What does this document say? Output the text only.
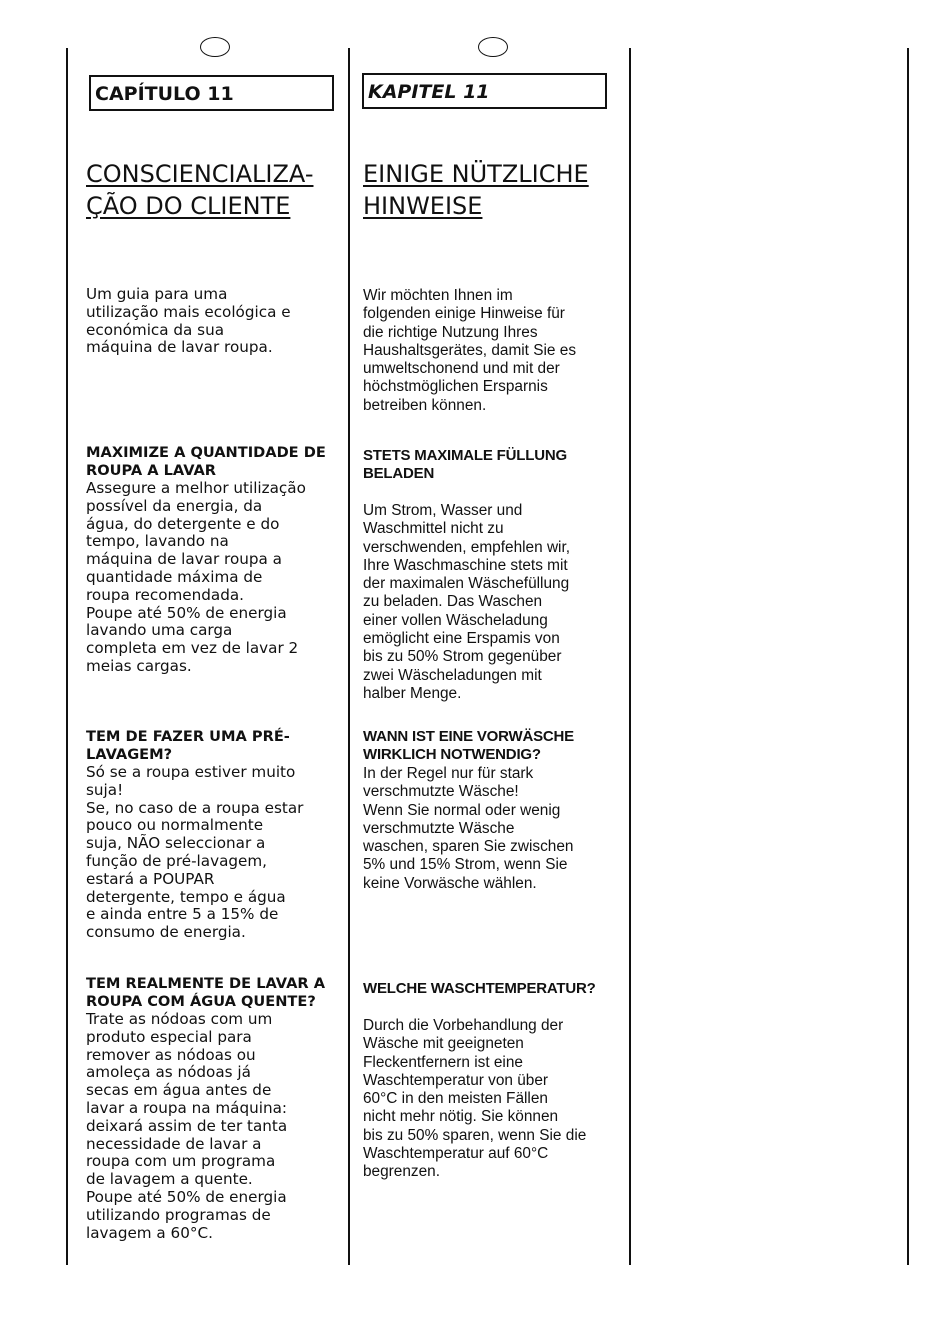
CAPÍTULO 11
CONSCIENCIALIZA-
ÇÃO DO CLIENTE

Um guia para uma
utilização mais ecológica e
económica da sua
máquina de lavar roupa.

MAXIMIZE A QUANTIDADE DE
ROUPA A LAVAR

Assegure a melhor utilização
possível da energia, da
água, do detergente e do
tempo, lavando na
máquina de lavar roupa a
quantidade máxima de
roupa recomendada.
Poupe até 50% de energia
lavando uma carga
completa em vez de lavar 2
meias cargas.

TEM DE FAZER UMA PRÉ-
LAVAGEM?

Só se a roupa estiver muito
suja!
Se, no caso de a roupa estar
pouco ou normalmente
suja, NÃO seleccionar a
função de pré-lavagem,
estará a POUPAR
detergente, tempo e água
e ainda entre 5 a 15% de
consumo de energia.

TEM REALMENTE DE LAVAR A
ROUPA COM ÁGUA QUENTE?

Trate as nódoas com um
produto especial para
remover as nódoas ou
amoleça as nódoas já
secas em água antes de
lavar a roupa na máquina:
deixará assim de ter tanta
necessidade de lavar a
roupa com um programa
de lavagem a quente.
Poupe até 50% de energia
utilizando programas de
lavagem a 60°C.

KAPITEL 11
EINIGE NÜTZLICHE
HINWEISE

Wir möchten Ihnen im
folgenden einige Hinweise für
die richtige Nutzung Ihres
Haushaltsgerätes, damit Sie es
umweltschonend und mit der
höchstmöglichen Ersparnis
betreiben können.

STETS MAXIMALE FÜLLUNG
BELADEN

Um Strom, Wasser und
Waschmittel nicht zu
verschwenden, empfehlen wir,
Ihre Waschmaschine stets mit
der maximalen Wäschefüllung
zu beladen. Das Waschen
einer vollen Wäscheladung
emöglicht eine Erspamis von
bis zu 50% Strom gegenüber
zwei Wäscheladungen mit
halber Menge.

WANN IST EINE VORWÄSCHE
WIRKLICH NOTWENDIG?

In der Regel nur für stark
verschmutzte Wäsche!
Wenn Sie normal oder wenig
verschmutzte Wäsche
waschen, sparen Sie zwischen
5% und 15% Strom, wenn Sie
keine Vorwäsche wählen.

WELCHE WASCHTEMPERATUR?

Durch die Vorbehandlung der
Wäsche mit geeigneten
Fleckentfernern ist eine
Waschtemperatur von über
60°C in den meisten Fällen
nicht mehr nötig. Sie können
bis zu 50% sparen, wenn Sie die
Waschtemperatur auf 60°C
begrenzen.
